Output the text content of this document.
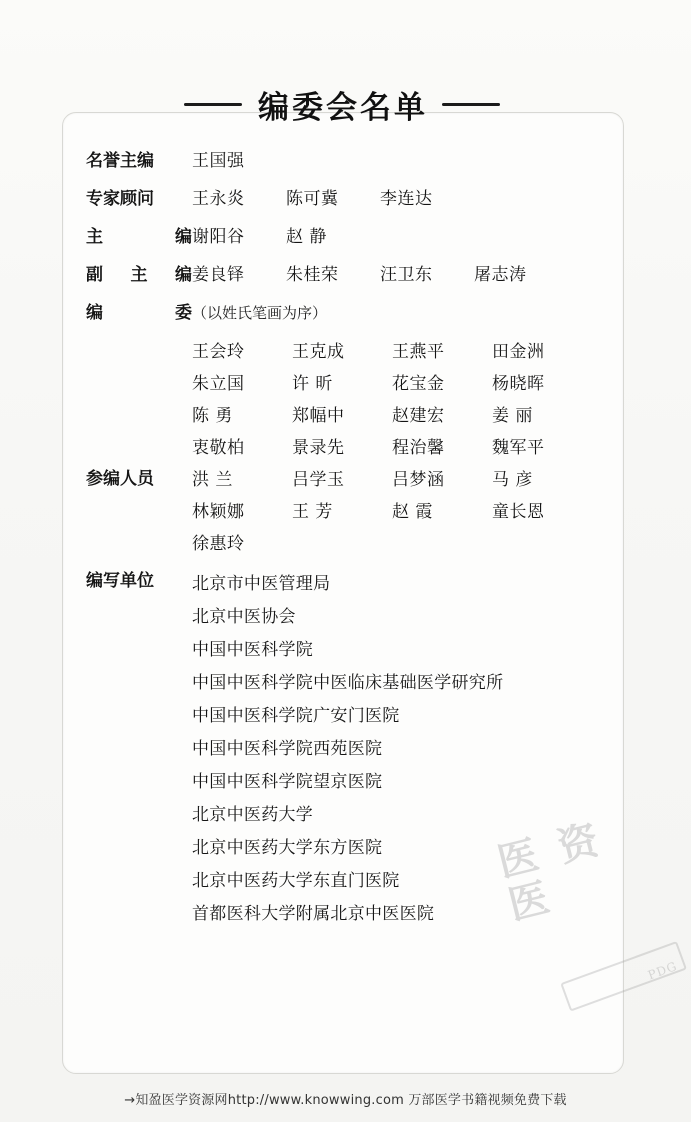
编委会名单
名誉主编	王国强
专家顾问	王永炎	陈可冀	李连达
主	编 谢阳谷	赵 静
副 主 编 姜良铎	朱桂荣	汪卫东	屠志涛
编	委 （以姓氏笔画为序）
王会玲	王克成	王燕平	田金洲
朱立国	许 昕	花宝金	杨晓晖
陈 勇	郑幅中	赵建宏	姜 丽
衷敬柏	景录先	程治馨	魏军平
参编人员	洪 兰	吕学玉	吕梦涵	马 彦
林颖娜	王 芳	赵 霞	童长恩
徐惠玲
编写单位	北京市中医管理局
北京中医协会
中国中医科学院
中国中医科学院中医临床基础医学研究所
中国中医科学院广安门医院
中国中医科学院西苑医院
中国中医科学院望京医院
北京中医药大学
北京中医药大学东方医院
北京中医药大学东直门医院
首都医科大学附属北京中医医院
医 资 医
PDG
→知盈医学资源网http://www.knowwing.com 万部医学书籍视频免费下载
